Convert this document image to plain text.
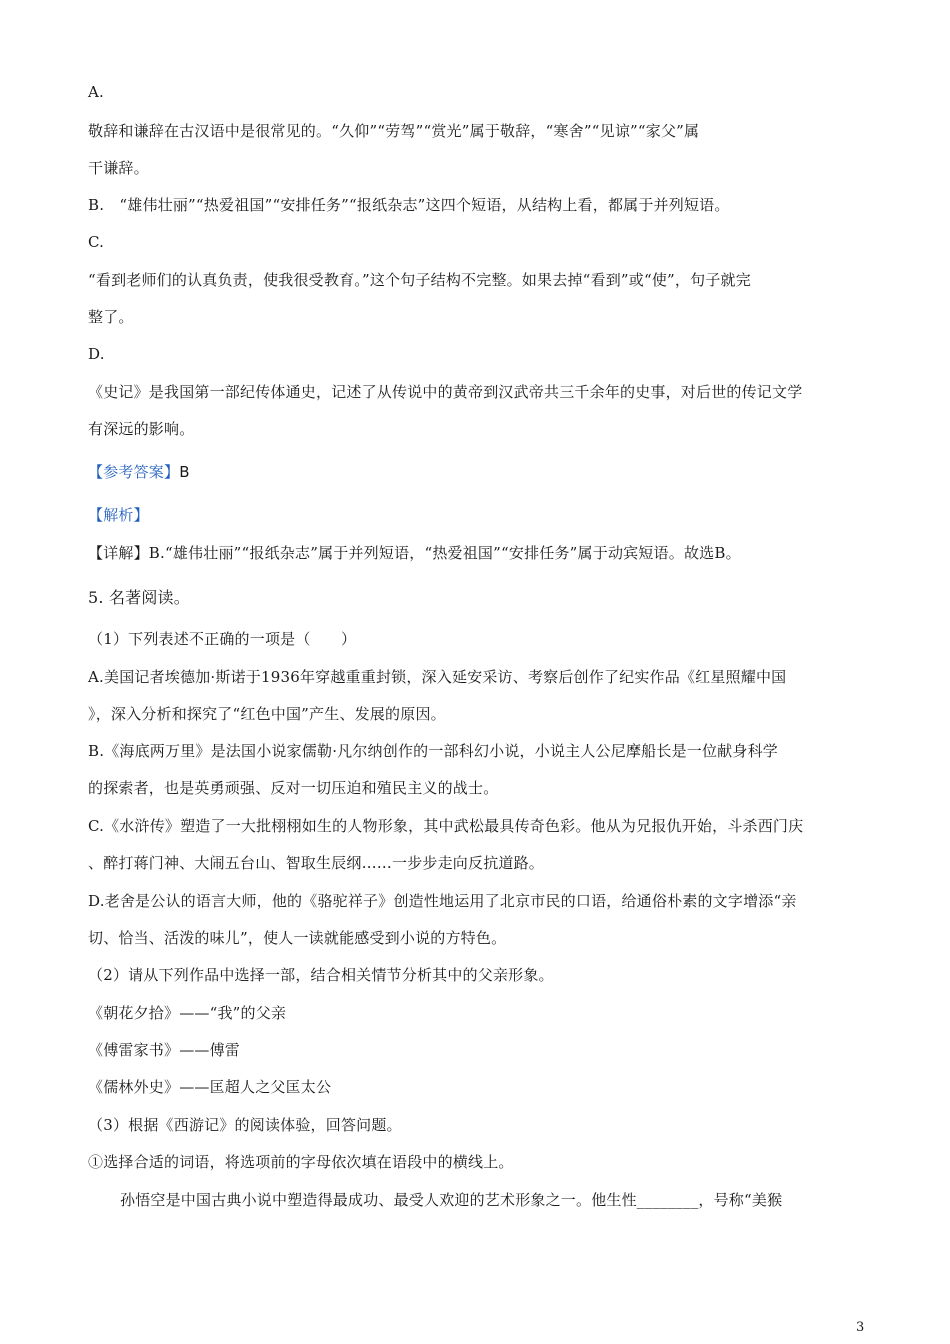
A.
敬辞和谦辞在古汉语中是很常见的。“久仰”“劳驾”“赏光”属于敬辞，“寒舍”“见谅”“家父”属
干谦辞。
B.　“雄伟壮丽”“热爱祖国”“安排任务”“报纸杂志”这四个短语，从结构上看，都属于并列短语。
C.
“看到老师们的认真负责，使我很受教育。”这个句子结构不完整。如果去掉“看到”或“使”，句子就完
整了。
D.
《史记》是我国第一部纪传体通史，记述了从传说中的黄帝到汉武帝共三千余年的史事，对后世的传记文学
有深远的影响。
【参考答案】B
【解析】
【详解】B.“雄伟壮丽”“报纸杂志”属于并列短语，“热爱祖国”“安排任务”属于动宾短语。故选B。
5. 名著阅读。
（1）下列表述不正确的一项是（　　）
A.美国记者埃德加·斯诺于1936年穿越重重封锁，深入延安采访、考察后创作了纪实作品《红星照耀中国
》，深入分析和探究了“红色中国”产生、发展的原因。
B.《海底两万里》是法国小说家儒勒·凡尔纳创作的一部科幻小说，小说主人公尼摩船长是一位献身科学
的探索者，也是英勇顽强、反对一切压迫和殖民主义的战士。
C.《水浒传》塑造了一大批栩栩如生的人物形象，其中武松最具传奇色彩。他从为兄报仇开始，斗杀西门庆
、醉打蒋门神、大闹五台山、智取生辰纲……一步步走向反抗道路。
D.老舍是公认的语言大师，他的《骆驼祥子》创造性地运用了北京市民的口语，给通俗朴素的文字增添“亲
切、恰当、活泼的味儿”，使人一读就能感受到小说的方特色。
（2）请从下列作品中选择一部，结合相关情节分析其中的父亲形象。
《朝花夕拾》——“我”的父亲
《傅雷家书》——傅雷
《儒林外史》——匡超人之父匡太公
（3）根据《西游记》的阅读体验，回答问题。
①选择合适的词语，将选项前的字母依次填在语段中的横线上。
孙悟空是中国古典小说中塑造得最成功、最受人欢迎的艺术形象之一。他生性________，号称“美猴
3
